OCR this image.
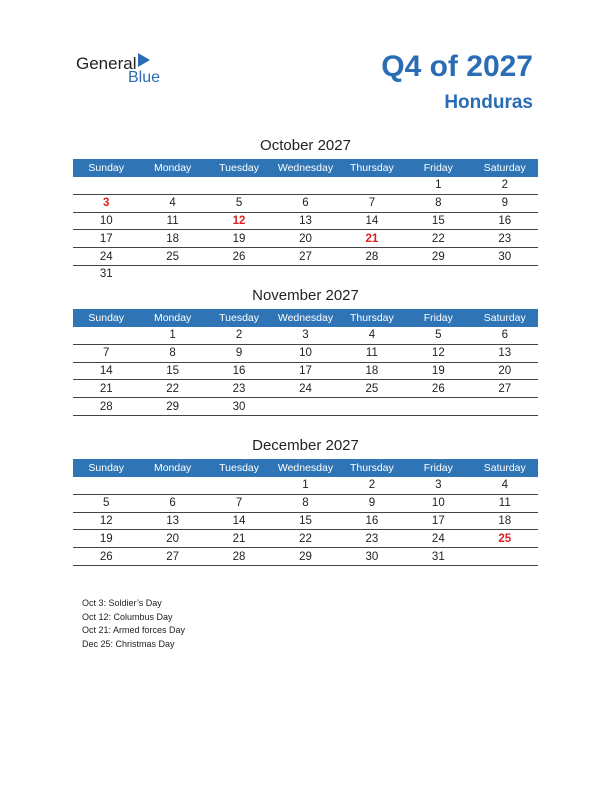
General
Blue	Q4 of 2027
Honduras
October 2027
Sunday	Monday	Tuesday	Wednesday	Thursday	Friday	Saturday
					1	2
3	4	5	6	7	8	9
10	11	12	13	14	15	16
17	18	19	20	21	22	23
24	25	26	27	28	29	30
31						
November 2027
Sunday	Monday	Tuesday	Wednesday	Thursday	Friday	Saturday
	1	2	3	4	5	6
7	8	9	10	11	12	13
14	15	16	17	18	19	20
21	22	23	24	25	26	27
28	29	30				
December 2027
Sunday	Monday	Tuesday	Wednesday	Thursday	Friday	Saturday
			1	2	3	4
5	6	7	8	9	10	11
12	13	14	15	16	17	18
19	20	21	22	23	24	25
26	27	28	29	30	31	
Oct 3: Soldier’s Day
Oct 12: Columbus Day
Oct 21: Armed forces Day
Dec 25: Christmas Day
